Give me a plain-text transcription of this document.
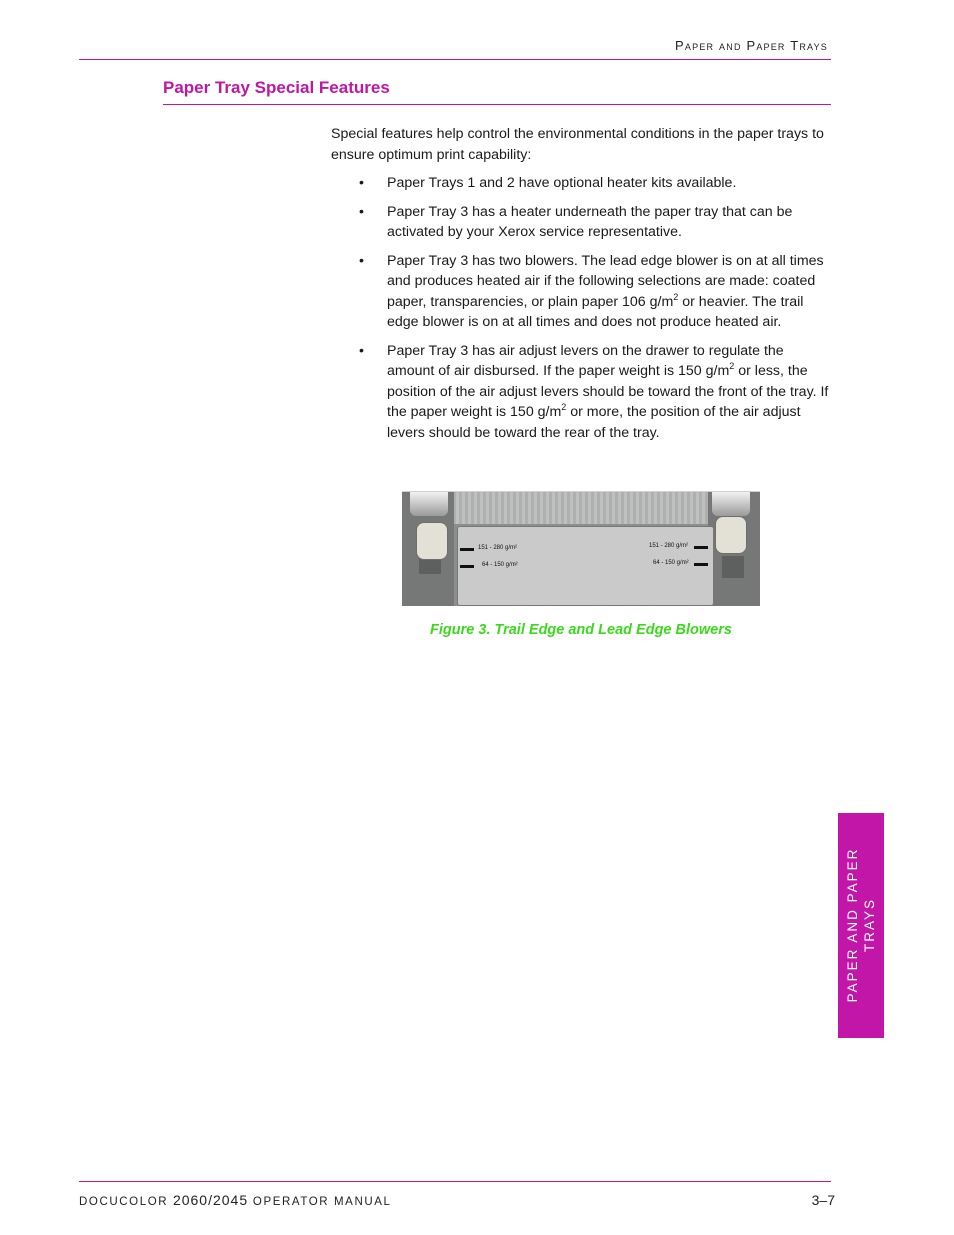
Paper and Paper Trays
Paper Tray Special Features

Special features help control the environmental conditions in the paper trays to ensure optimum print capability:

• Paper Trays 1 and 2 have optional heater kits available.
• Paper Tray 3 has a heater underneath the paper tray that can be activated by your Xerox service representative.
• Paper Tray 3 has two blowers. The lead edge blower is on at all times and produces heated air if the following selections are made: coated paper, transparencies, or plain paper 106 $g/m^2$ or heavier. The trail edge blower is on at all times and does not produce heated air.
• Paper Tray 3 has air adjust levers on the drawer to regulate the amount of air disbursed. If the paper weight is 150 $g/m^2$ or less, the position of the air adjust levers should be toward the front of the tray. If the paper weight is 150 $g/m^2$ or more, the position of the air adjust levers should be toward the rear of the tray.
151 - 280 g/m²
64 - 150 g/m²
151 - 280 g/m²
64 - 150 g/m²
Figure 3. Trail Edge and Lead Edge Blowers
PAPER AND PAPER TRAYS
DOCUCOLOR 2060/2045 OPERATOR MANUAL	3–7
